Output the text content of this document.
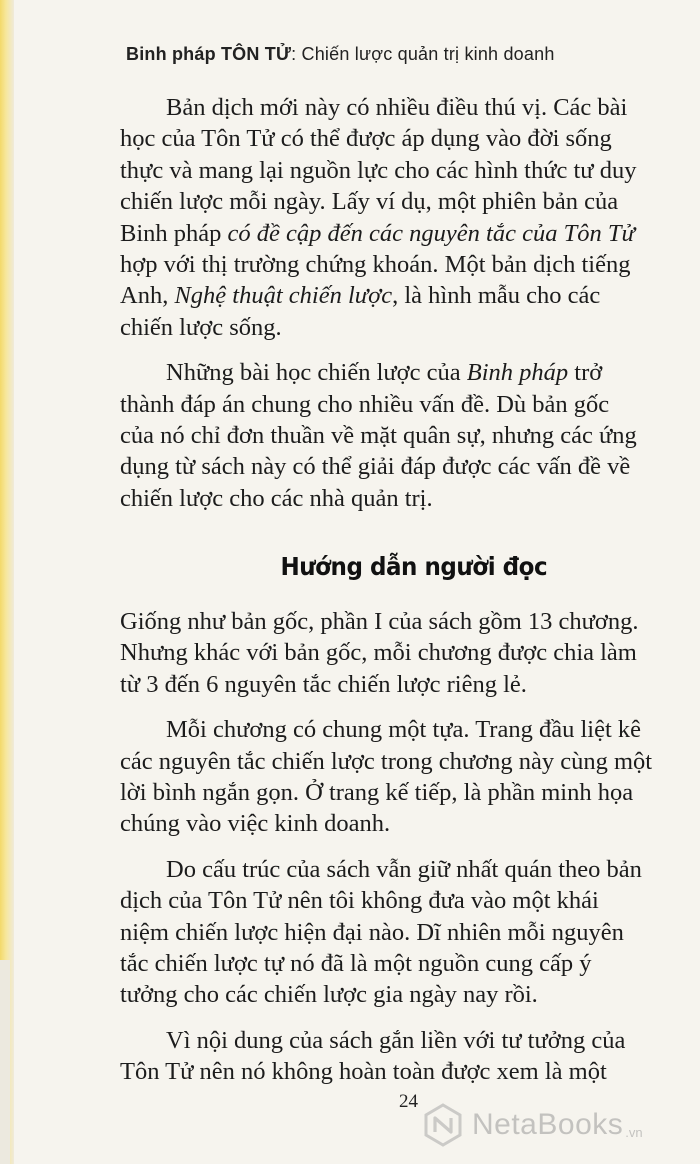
Binh pháp TÔN TỬ: Chiến lược quản trị kinh doanh

Bản dịch mới này có nhiều điều thú vị. Các bài
học của Tôn Tử có thể được áp dụng vào đời sống
thực và mang lại nguồn lực cho các hình thức tư duy
chiến lược mỗi ngày. Lấy ví dụ, một phiên bản của
Binh pháp có đề cập đến các nguyên tắc của Tôn Tử
hợp với thị trường chứng khoán. Một bản dịch tiếng
Anh, Nghệ thuật chiến lược, là hình mẫu cho các
chiến lược sống.

Những bài học chiến lược của Binh pháp trở
thành đáp án chung cho nhiều vấn đề. Dù bản gốc
của nó chỉ đơn thuần về mặt quân sự, nhưng các ứng
dụng từ sách này có thể giải đáp được các vấn đề về
chiến lược cho các nhà quản trị.

Hướng dẫn người đọc

Giống như bản gốc, phần I của sách gồm 13 chương.
Nhưng khác với bản gốc, mỗi chương được chia làm
từ 3 đến 6 nguyên tắc chiến lược riêng lẻ.

Mỗi chương có chung một tựa. Trang đầu liệt kê
các nguyên tắc chiến lược trong chương này cùng một
lời bình ngắn gọn. Ở trang kế tiếp, là phần minh họa
chúng vào việc kinh doanh.

Do cấu trúc của sách vẫn giữ nhất quán theo bản
dịch của Tôn Tử nên tôi không đưa vào một khái
niệm chiến lược hiện đại nào. Dĩ nhiên mỗi nguyên
tắc chiến lược tự nó đã là một nguồn cung cấp ý
tưởng cho các chiến lược gia ngày nay rồi.

Vì nội dung của sách gắn liền với tư tưởng của
Tôn Tử nên nó không hoàn toàn được xem là một

24
NetaBooks .vn
